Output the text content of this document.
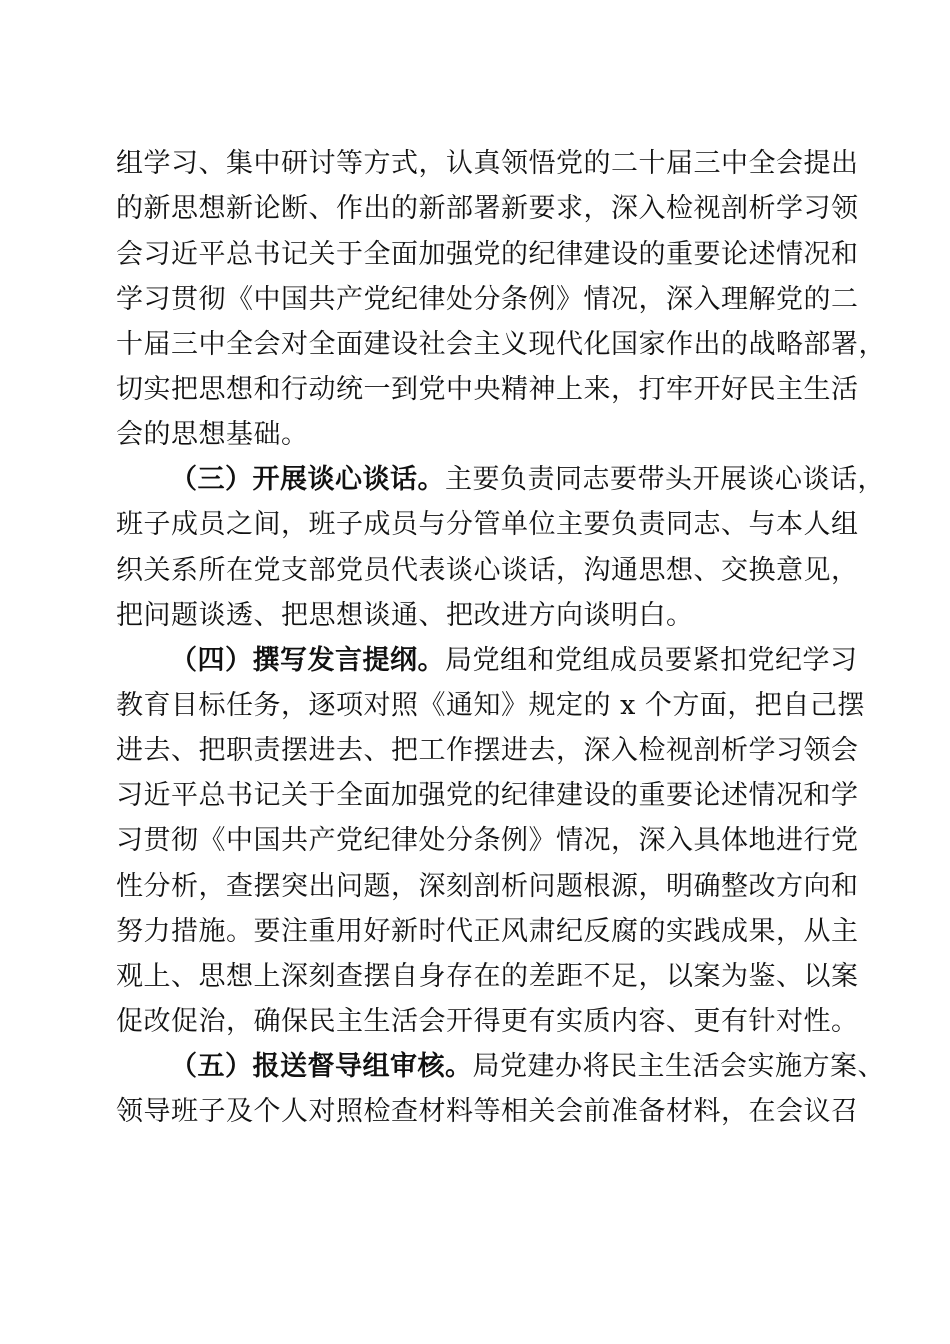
组学习、集中研讨等方式，认真领悟党的二十届三中全会提出
的新思想新论断、作出的新部署新要求，深入检视剖析学习领
会习近平总书记关于全面加强党的纪律建设的重要论述情况和
学习贯彻《中国共产党纪律处分条例》情况，深入理解党的二
十届三中全会对全面建设社会主义现代化国家作出的战略部署，
切实把思想和行动统一到党中央精神上来，打牢开好民主生活
会的思想基础。
（三）开展谈心谈话。主要负责同志要带头开展谈心谈话，
班子成员之间，班子成员与分管单位主要负责同志、与本人组
织关系所在党支部党员代表谈心谈话，沟通思想、交换意见，
把问题谈透、把思想谈通、把改进方向谈明白。
（四）撰写发言提纲。局党组和党组成员要紧扣党纪学习
教育目标任务，逐项对照《通知》规定的 x 个方面，把自己摆
进去、把职责摆进去、把工作摆进去，深入检视剖析学习领会
习近平总书记关于全面加强党的纪律建设的重要论述情况和学
习贯彻《中国共产党纪律处分条例》情况，深入具体地进行党
性分析，查摆突出问题，深刻剖析问题根源，明确整改方向和
努力措施。要注重用好新时代正风肃纪反腐的实践成果，从主
观上、思想上深刻查摆自身存在的差距不足，以案为鉴、以案
促改促治，确保民主生活会开得更有实质内容、更有针对性。
（五）报送督导组审核。局党建办将民主生活会实施方案、
领导班子及个人对照检查材料等相关会前准备材料，在会议召
